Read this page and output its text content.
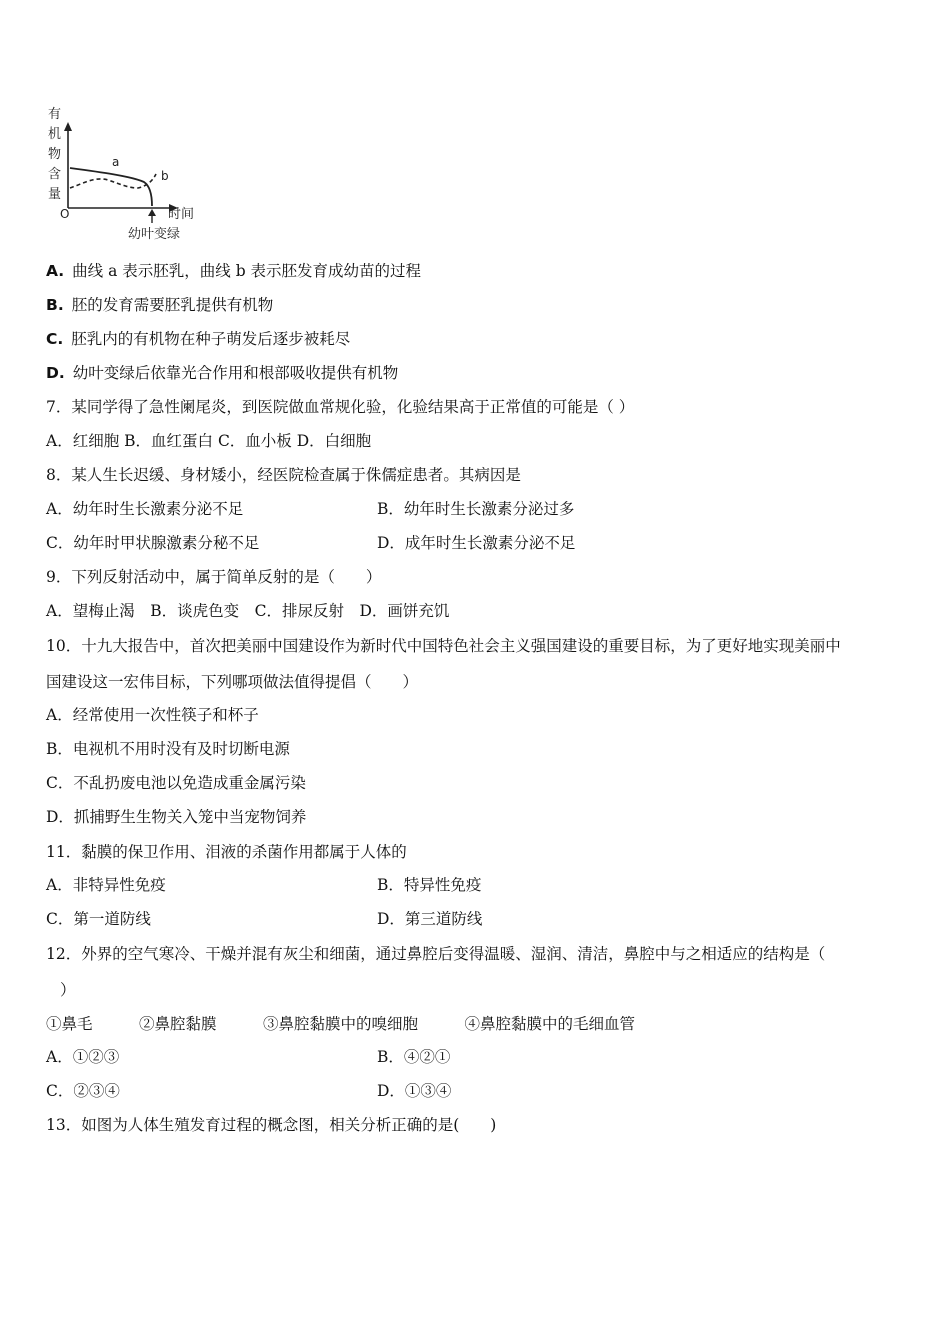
有
机
物
含
量
O	时间
a
b
幼叶变绿
A. 曲线 a 表示胚乳，曲线 b 表示胚发育成幼苗的过程
B. 胚的发育需要胚乳提供有机物
C. 胚乳内的有机物在种子萌发后逐步被耗尽
D. 幼叶变绿后依靠光合作用和根部吸收提供有机物
7．某同学得了急性阑尾炎，到医院做血常规化验，化验结果高于正常值的可能是（ ）
A．红细胞 B．血红蛋白 C．血小板 D．白细胞
8．某人生长迟缓、身材矮小，经医院检查属于侏儒症患者。其病因是
A．幼年时生长激素分泌不足	B．幼年时生长激素分泌过多
C．幼年时甲状腺激素分秘不足	D．成年时生长激素分泌不足
9．下列反射活动中，属于简单反射的是（　　）
A．望梅止渴　B．谈虎色变　C．排尿反射　D．画饼充饥
10．十九大报告中，首次把美丽中国建设作为新时代中国特色社会主义强国建设的重要目标，为了更好地实现美丽中
国建设这一宏伟目标，下列哪项做法值得提倡（　　）
A．经常使用一次性筷子和杯子
B．电视机不用时没有及时切断电源
C．不乱扔废电池以免造成重金属污染
D．抓捕野生生物关入笼中当宠物饲养
11．黏膜的保卫作用、泪液的杀菌作用都属于人体的
A．非特异性免疫	B．特异性免疫
C．第一道防线	D．第三道防线
12．外界的空气寒冷、干燥并混有灰尘和细菌，通过鼻腔后变得温暖、湿润、清洁，鼻腔中与之相适应的结构是（
）
①鼻毛　　　②鼻腔黏膜　　　③鼻腔黏膜中的嗅细胞　　　④鼻腔黏膜中的毛细血管
A．①②③	B．④②①
C．②③④	D．①③④
13．如图为人体生殖发育过程的概念图，相关分析正确的是(　　)
